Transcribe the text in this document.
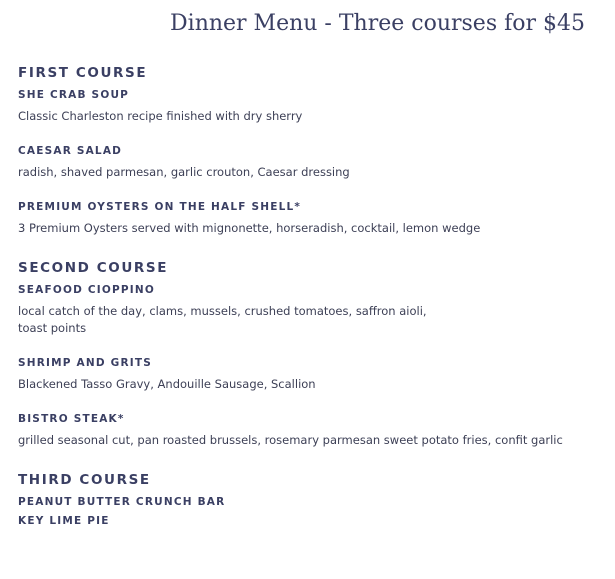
Dinner Menu - Three courses for $45
FIRST COURSE
SHE CRAB SOUP

Classic Charleston recipe finished with dry sherry

CAESAR SALAD

radish, shaved parmesan, garlic crouton, Caesar dressing

PREMIUM OYSTERS ON THE HALF SHELL*

3 Premium Oysters served with mignonette, horseradish, cocktail, lemon wedge

SECOND COURSE
SEAFOOD CIOPPINO

local catch of the day, clams, mussels, crushed tomatoes, saffron aioli,

toast points

SHRIMP AND GRITS

Blackened Tasso Gravy, Andouille Sausage, Scallion

BISTRO STEAK*

grilled seasonal cut, pan roasted brussels, rosemary parmesan sweet potato fries, confit garlic

THIRD COURSE
PEANUT BUTTER CRUNCH BAR
KEY LIME PIE
